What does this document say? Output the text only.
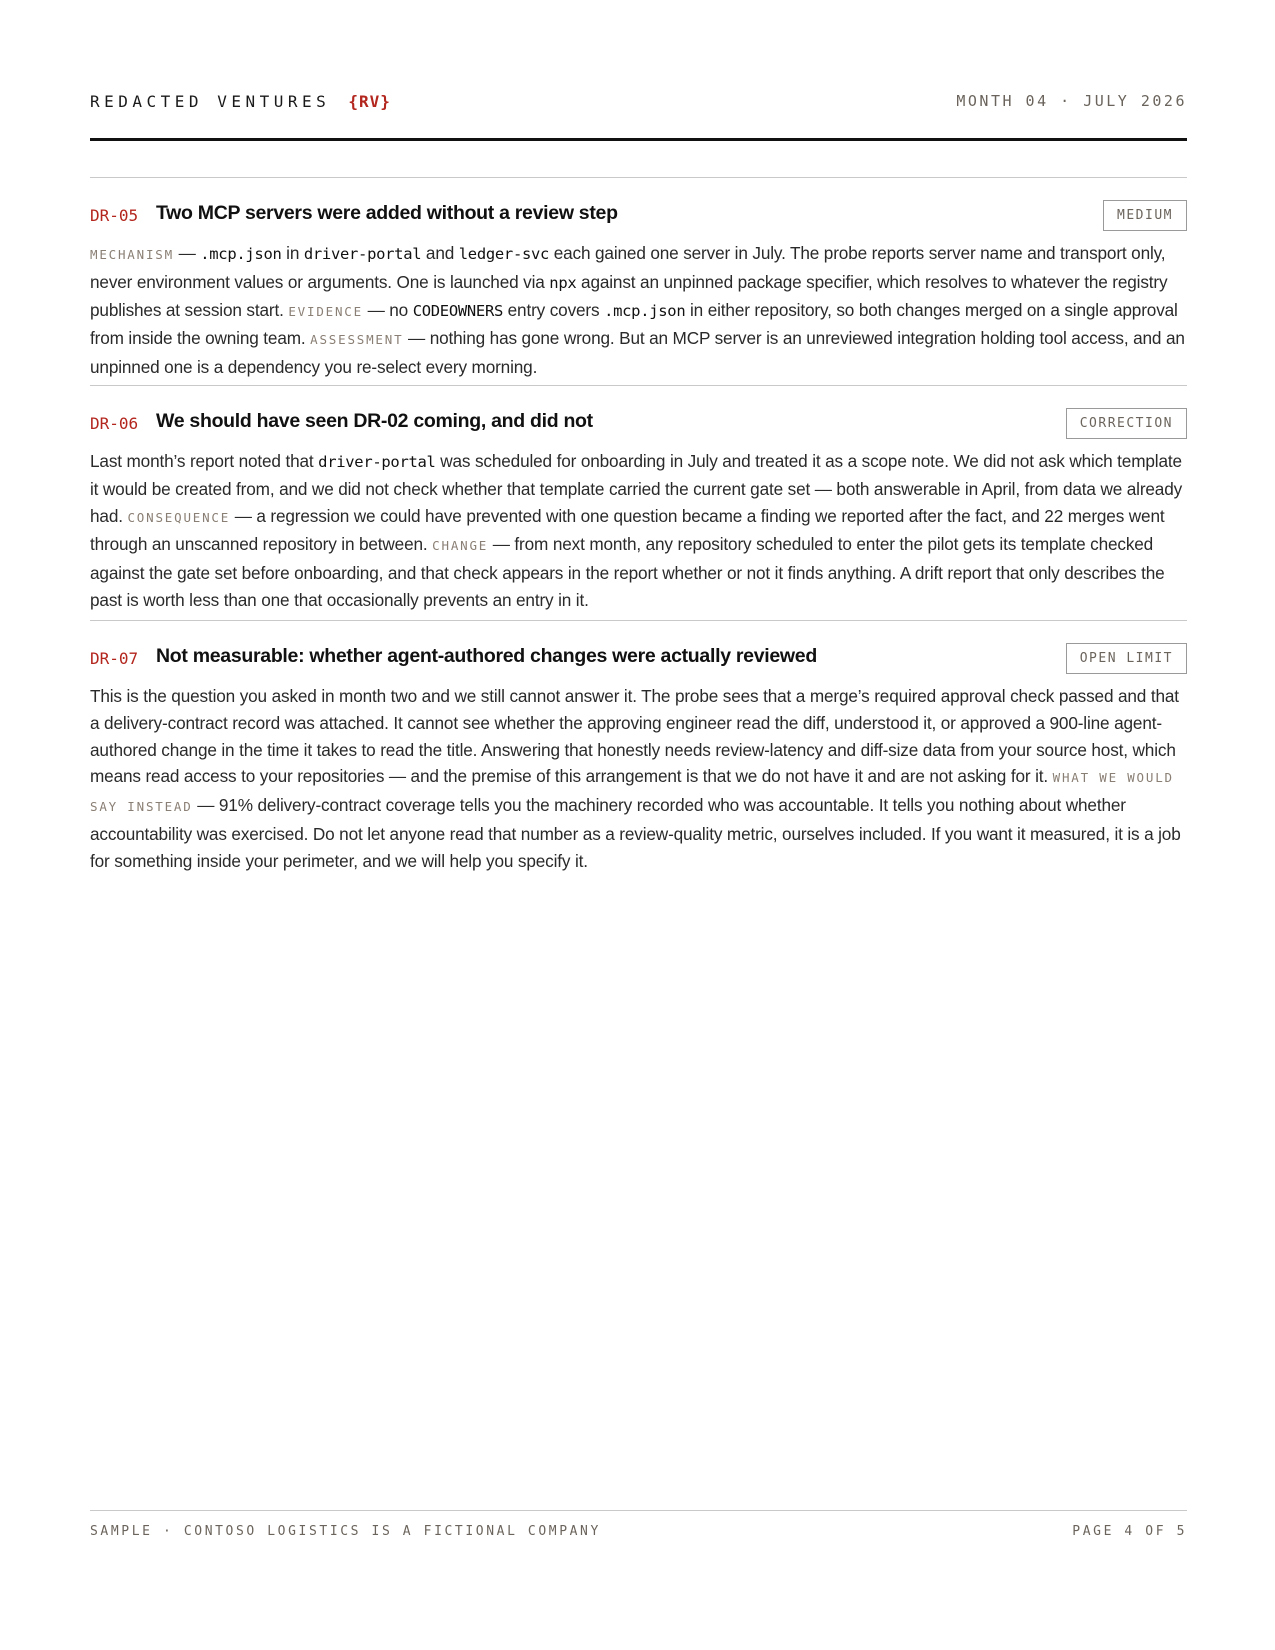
REDACTED VENTURES {RV}	MONTH 04 · JULY 2026
DR-05 Two MCP servers were added without a review step	MEDIUM
MECHANISM — .mcp.json in driver-portal and ledger-svc each gained one server in July. The probe reports server name and transport only, never environment values or arguments. One is launched via npx against an unpinned package specifier, which resolves to whatever the registry publishes at session start. EVIDENCE — no CODEOWNERS entry covers .mcp.json in either repository, so both changes merged on a single approval from inside the owning team. ASSESSMENT — nothing has gone wrong. But an MCP server is an unreviewed integration holding tool access, and an unpinned one is a dependency you re-select every morning.
DR-06 We should have seen DR-02 coming, and did not	CORRECTION
Last month’s report noted that driver-portal was scheduled for onboarding in July and treated it as a scope note. We did not ask which template it would be created from, and we did not check whether that template carried the current gate set — both answerable in April, from data we already had. CONSEQUENCE — a regression we could have prevented with one question became a finding we reported after the fact, and 22 merges went through an unscanned repository in between. CHANGE — from next month, any repository scheduled to enter the pilot gets its template checked against the gate set before onboarding, and that check appears in the report whether or not it finds anything. A drift report that only describes the past is worth less than one that occasionally prevents an entry in it.
DR-07 Not measurable: whether agent-authored changes were actually reviewed	OPEN LIMIT
This is the question you asked in month two and we still cannot answer it. The probe sees that a merge’s required approval check passed and that a delivery-contract record was attached. It cannot see whether the approving engineer read the diff, understood it, or approved a 900-line agent-authored change in the time it takes to read the title. Answering that honestly needs review-latency and diff-size data from your source host, which means read access to your repositories — and the premise of this arrangement is that we do not have it and are not asking for it. WHAT WE WOULD SAY INSTEAD — 91% delivery-contract coverage tells you the machinery recorded who was accountable. It tells you nothing about whether accountability was exercised. Do not let anyone read that number as a review-quality metric, ourselves included. If you want it measured, it is a job for something inside your perimeter, and we will help you specify it.
SAMPLE · CONTOSO LOGISTICS IS A FICTIONAL COMPANY	PAGE 4 OF 5
